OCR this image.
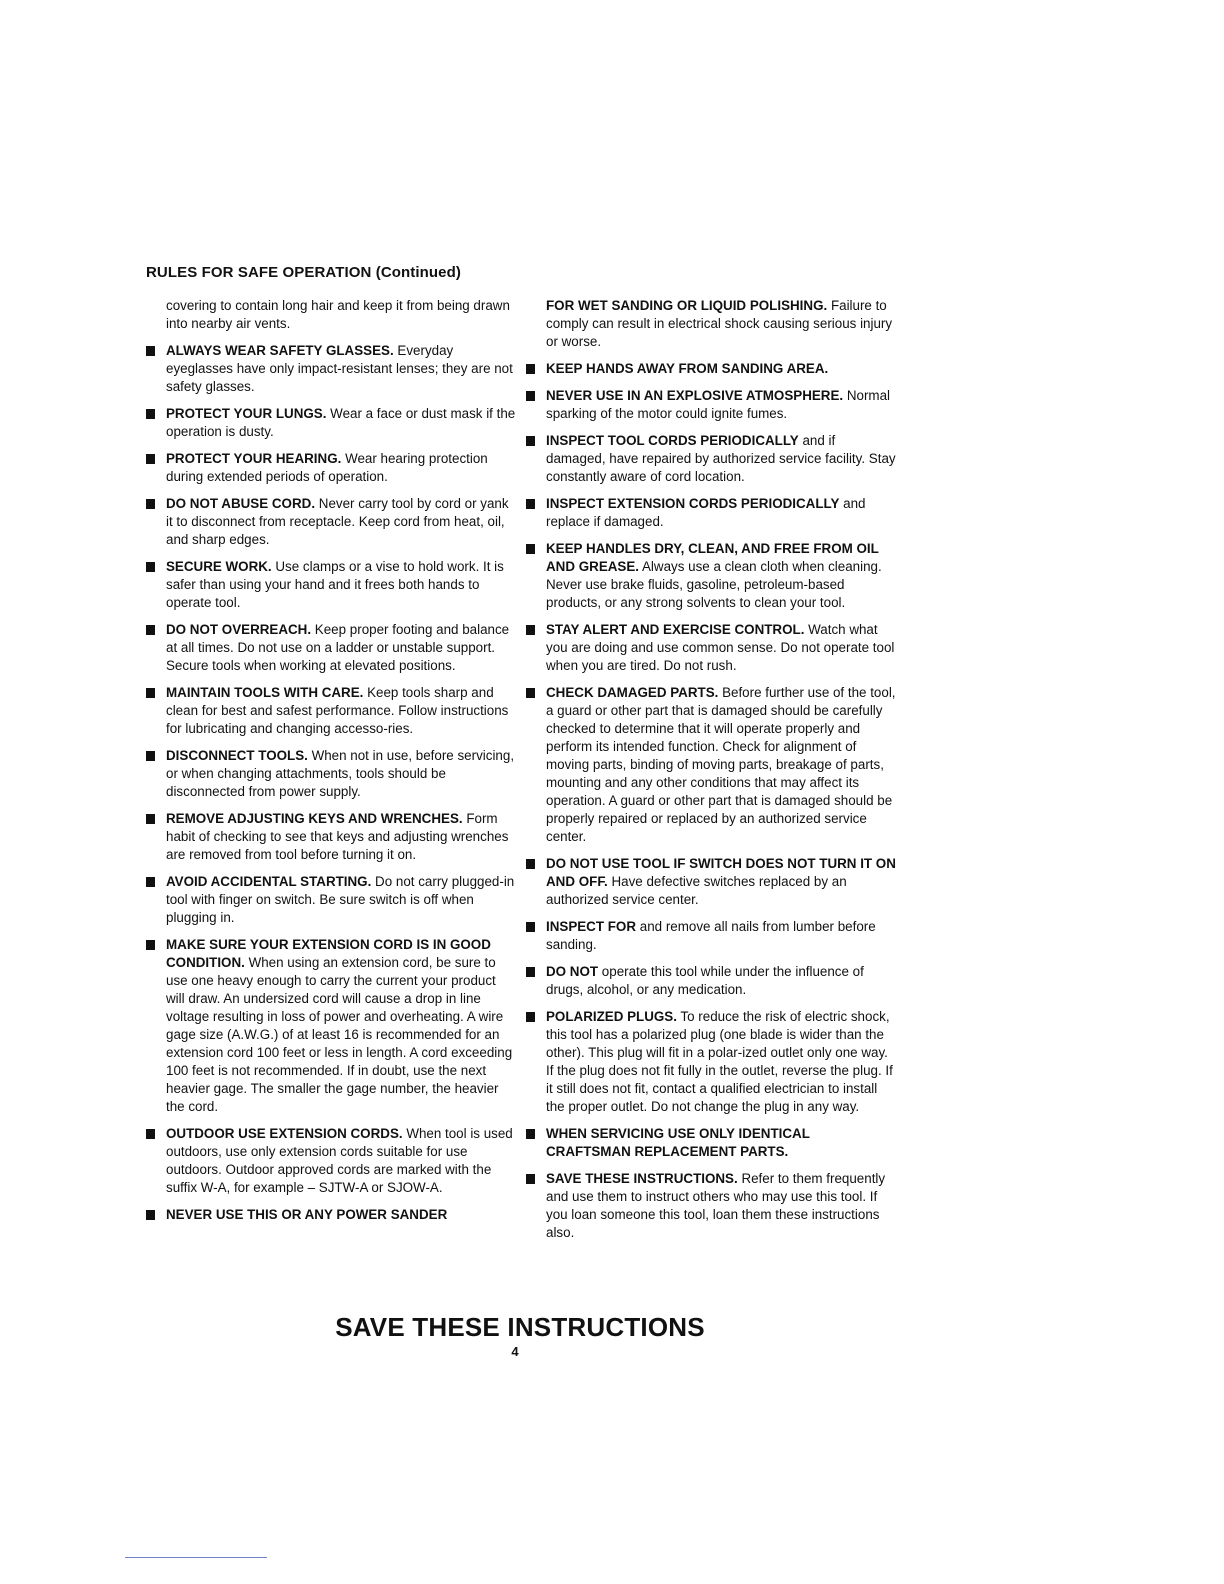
RULES FOR SAFE OPERATION (Continued)
covering to contain long hair and keep it from being drawn into nearby air vents.
ALWAYS WEAR SAFETY GLASSES. Everyday eyeglasses have only impact-resistant lenses; they are not safety glasses.
PROTECT YOUR LUNGS. Wear a face or dust mask if the operation is dusty.
PROTECT YOUR HEARING. Wear hearing protection during extended periods of operation.
DO NOT ABUSE CORD. Never carry tool by cord or yank it to disconnect from receptacle. Keep cord from heat, oil, and sharp edges.
SECURE WORK. Use clamps or a vise to hold work. It is safer than using your hand and it frees both hands to operate tool.
DO NOT OVERREACH. Keep proper footing and balance at all times. Do not use on a ladder or unstable support. Secure tools when working at elevated positions.
MAINTAIN TOOLS WITH CARE. Keep tools sharp and clean for best and safest performance. Follow instructions for lubricating and changing accesso-ries.
DISCONNECT TOOLS. When not in use, before servicing, or when changing attachments, tools should be disconnected from power supply.
REMOVE ADJUSTING KEYS AND WRENCHES. Form habit of checking to see that keys and adjusting wrenches are removed from tool before turning it on.
AVOID ACCIDENTAL STARTING. Do not carry plugged-in tool with finger on switch. Be sure switch is off when plugging in.
MAKE SURE YOUR EXTENSION CORD IS IN GOOD CONDITION. When using an extension cord, be sure to use one heavy enough to carry the current your product will draw. An undersized cord will cause a drop in line voltage resulting in loss of power and overheating. A wire gage size (A.W.G.) of at least 16 is recommended for an extension cord 100 feet or less in length. A cord exceeding 100 feet is not recommended. If in doubt, use the next heavier gage. The smaller the gage number, the heavier the cord.
OUTDOOR USE EXTENSION CORDS. When tool is used outdoors, use only extension cords suitable for use outdoors. Outdoor approved cords are marked with the suffix W-A, for example – SJTW-A or SJOW-A.
NEVER USE THIS OR ANY POWER SANDER
FOR WET SANDING OR LIQUID POLISHING. Failure to comply can result in electrical shock causing serious injury or worse.
KEEP HANDS AWAY FROM SANDING AREA.
NEVER USE IN AN EXPLOSIVE ATMOSPHERE. Normal sparking of the motor could ignite fumes.
INSPECT TOOL CORDS PERIODICALLY and if damaged, have repaired by authorized service facility. Stay constantly aware of cord location.
INSPECT EXTENSION CORDS PERIODICALLY and replace if damaged.
KEEP HANDLES DRY, CLEAN, AND FREE FROM OIL AND GREASE. Always use a clean cloth when cleaning. Never use brake fluids, gasoline, petroleum-based products, or any strong solvents to clean your tool.
STAY ALERT AND EXERCISE CONTROL. Watch what you are doing and use common sense. Do not operate tool when you are tired. Do not rush.
CHECK DAMAGED PARTS. Before further use of the tool, a guard or other part that is damaged should be carefully checked to determine that it will operate properly and perform its intended function. Check for alignment of moving parts, binding of moving parts, breakage of parts, mounting and any other conditions that may affect its operation. A guard or other part that is damaged should be properly repaired or replaced by an authorized service center.
DO NOT USE TOOL IF SWITCH DOES NOT TURN IT ON AND OFF. Have defective switches replaced by an authorized service center.
INSPECT FOR and remove all nails from lumber before sanding.
DO NOT operate this tool while under the influence of drugs, alcohol, or any medication.
POLARIZED PLUGS. To reduce the risk of electric shock, this tool has a polarized plug (one blade is wider than the other). This plug will fit in a polar-ized outlet only one way. If the plug does not fit fully in the outlet, reverse the plug. If it still does not fit, contact a qualified electrician to install the proper outlet. Do not change the plug in any way.
WHEN SERVICING USE ONLY IDENTICAL CRAFTSMAN REPLACEMENT PARTS.
SAVE THESE INSTRUCTIONS. Refer to them frequently and use them to instruct others who may use this tool. If you loan someone this tool, loan them these instructions also.
SAVE THESE INSTRUCTIONS
4
